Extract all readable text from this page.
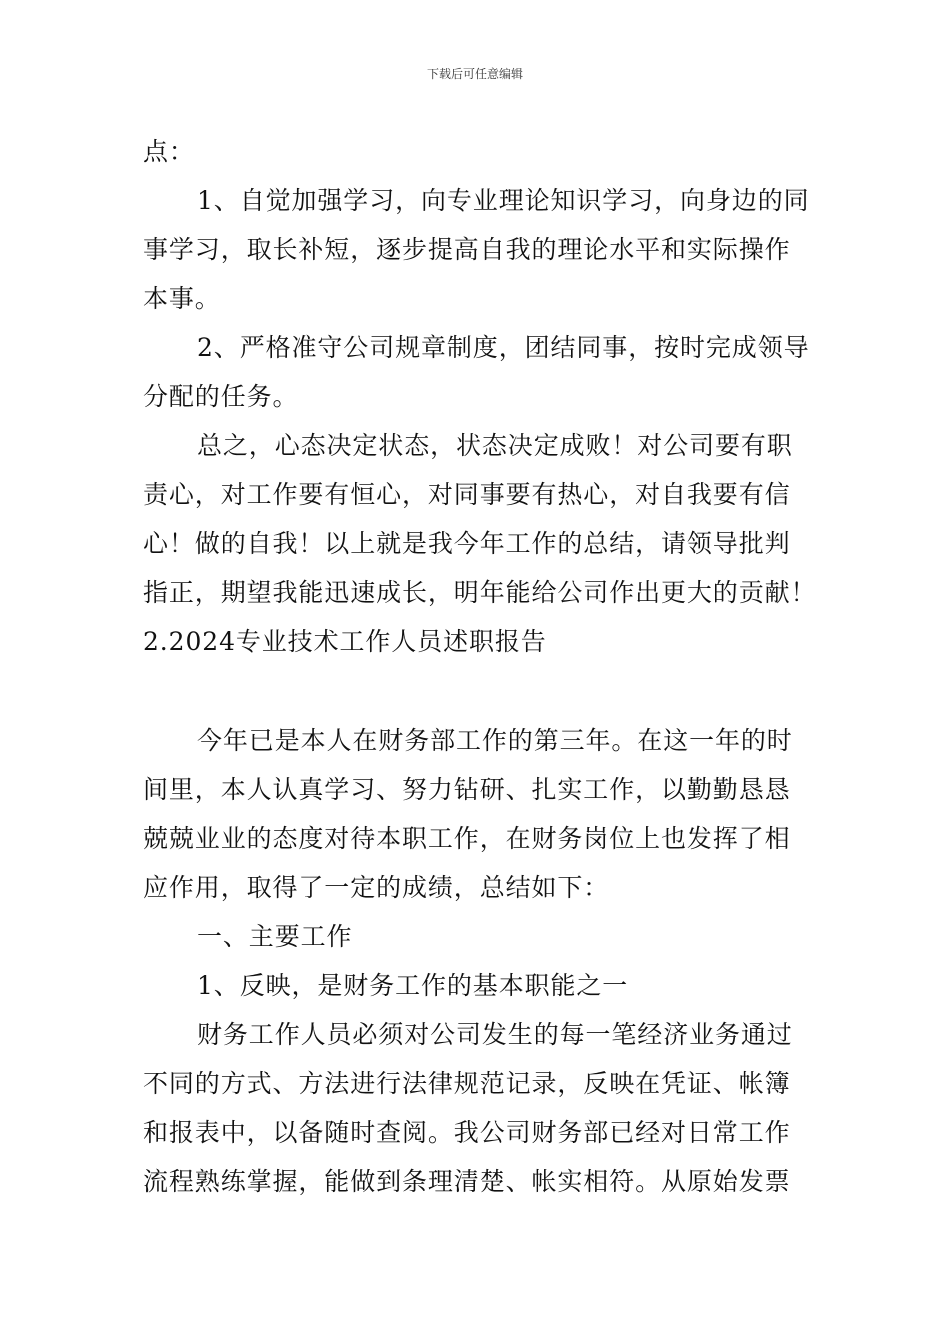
下载后可任意编辑
点：
1、自觉加强学习，向专业理论知识学习，向身边的同
事学习，取长补短，逐步提高自我的理论水平和实际操作
本事。
2、严格准守公司规章制度，团结同事，按时完成领导
分配的任务。
总之，心态决定状态，状态决定成败！对公司要有职
责心，对工作要有恒心，对同事要有热心，对自我要有信
心！做的自我！以上就是我今年工作的总结，请领导批判
指正，期望我能迅速成长，明年能给公司作出更大的贡献！
2.2024专业技术工作人员述职报告
今年已是本人在财务部工作的第三年。在这一年的时
间里，本人认真学习、努力钻研、扎实工作，以勤勤恳恳
兢兢业业的态度对待本职工作，在财务岗位上也发挥了相
应作用，取得了一定的成绩，总结如下：
一、主要工作
1、反映，是财务工作的基本职能之一
财务工作人员必须对公司发生的每一笔经济业务通过
不同的方式、方法进行法律规范记录，反映在凭证、帐簿
和报表中，以备随时查阅。我公司财务部已经对日常工作
流程熟练掌握，能做到条理清楚、帐实相符。从原始发票
